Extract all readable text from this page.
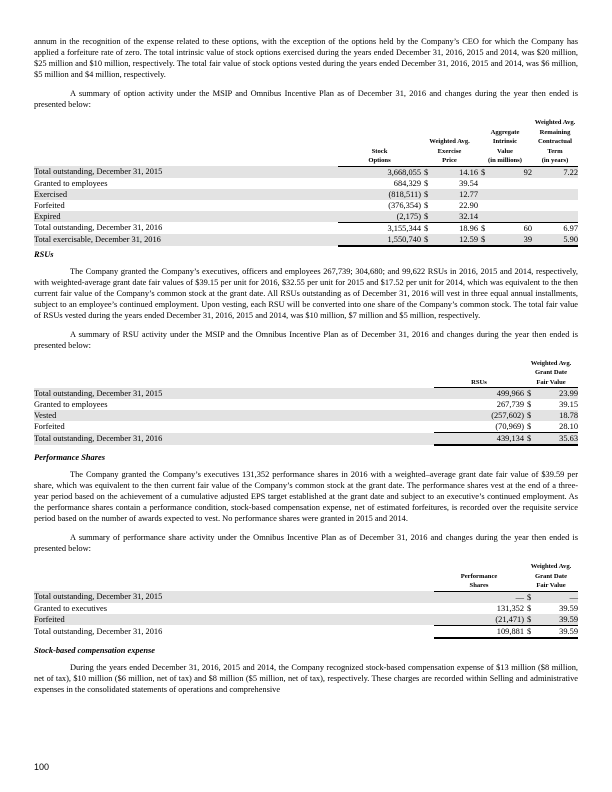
annum in the recognition of the expense related to these options, with the exception of the options held by the Company’s CEO for which the Company has applied a forfeiture rate of zero. The total intrinsic value of stock options exercised during the years ended December 31, 2016, 2015 and 2014, was $20 million, $25 million and $10 million, respectively. The total fair value of stock options vested during the years ended December 31, 2016, 2015 and 2014, was $6 million, $5 million and $4 million, respectively.

A summary of option activity under the MSIP and Omnibus Incentive Plan as of December 31, 2016 and changes during the year then ended is presented below:

						Weighted Avg.
				Aggregate		Remaining
		Weighted Avg.		Intrinsic		Contractual
	Stock	Exercise		Value		Term
	Options	Price		(in millions)		(in years)
Total outstanding, December 31, 2015	3,668,055	$	14.16	$	92	7.22
Granted to employees	684,329	$	39.54			
Exercised	(818,511)	$	12.77			
Forfeited	(376,354)	$	22.90			
Expired	(2,175)	$	32.14			
Total outstanding, December 31, 2016	3,155,344	$	18.96	$	60	6.97
Total exercisable, December 31, 2016	1,550,740	$	12.59	$	39	5.90

RSUs

The Company granted the Company’s executives, officers and employees 267,739; 304,680; and 99,622 RSUs in 2016, 2015 and 2014, respectively, with weighted-average grant date fair values of $39.15 per unit for 2016, $32.55 per unit for 2015 and $17.52 per unit for 2014, which was equivalent to the then current fair value of the Company’s common stock at the grant date. All RSUs outstanding as of December 31, 2016 will vest in three equal annual installments, subject to an employee’s continued employment. Upon vesting, each RSU will be converted into one share of the Company’s common stock. The total fair value of RSUs vested during the years ended December 31, 2016, 2015 and 2014, was $10 million, $7 million and $5 million, respectively.

A summary of RSU activity under the MSIP and the Omnibus Incentive Plan as of December 31, 2016 and changes during the year then ended is presented below:

		Weighted Avg.	
		Grant Date	
	RSUs	Fair Value	
Total outstanding, December 31, 2015	499,966	$	23.99
Granted to employees	267,739	$	39.15
Vested	(257,602)	$	18.78
Forfeited	(70,969)	$	28.10
Total outstanding, December 31, 2016	439,134	$	35.63

Performance Shares

The Company granted the Company’s executives 131,352 performance shares in 2016 with a weighted–average grant date fair value of $39.59 per share, which was equivalent to the then current fair value of the Company’s common stock at the grant date. The performance shares vest at the end of a three-year period based on the achievement of a cumulative adjusted EPS target established at the grant date and subject to an executive’s continued employment. As the performance shares contain a performance condition, stock-based compensation expense, net of estimated forfeitures, is recorded over the requisite service period based on the number of awards expected to vest. No performance shares were granted in 2015 and 2014.

A summary of performance share activity under the Omnibus Incentive Plan as of December 31, 2016 and changes during the year then ended is presented below:

		Weighted Avg.	
	Performance	Grant Date	
	Shares	Fair Value	
Total outstanding, December 31, 2015	—	$	—
Granted to executives	131,352	$	39.59
Forfeited	(21,471)	$	39.59
Total outstanding, December 31, 2016	109,881	$	39.59

Stock-based compensation expense

During the years ended December 31, 2016, 2015 and 2014, the Company recognized stock-based compensation expense of $13 million ($8 million, net of tax), $10 million ($6 million, net of tax) and $8 million ($5 million, net of tax), respectively. These charges are recorded within Selling and administrative expenses in the consolidated statements of operations and comprehensive

100
